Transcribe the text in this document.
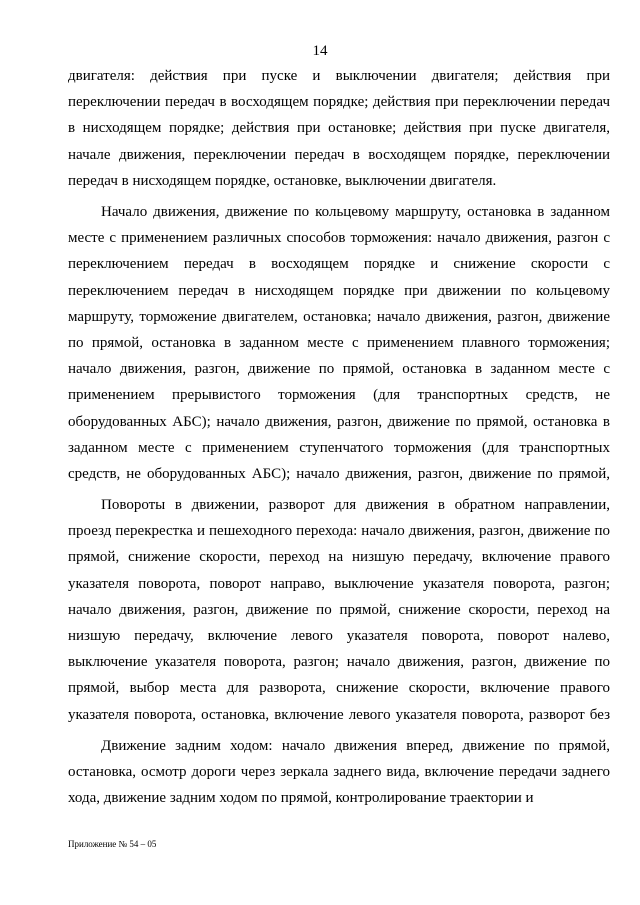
14

двигателя: действия при пуске и выключении двигателя; действия при переключении передач в восходящем порядке; действия при переключении передач в нисходящем порядке; действия при остановке; действия при пуске двигателя, начале движения, переключении передач в восходящем порядке, переключении передач в нисходящем порядке, остановке, выключении двигателя.

Начало движения, движение по кольцевому маршруту, остановка в заданном месте с применением различных способов торможения: начало движения, разгон с переключением передач в восходящем порядке и снижение скорости с переключением передач в нисходящем порядке при движении по кольцевому маршруту, торможение двигателем, остановка; начало движения, разгон, движение по прямой, остановка в заданном месте с применением плавного торможения; начало движения, разгон, движение по прямой, остановка в заданном месте с применением прерывистого торможения (для транспортных средств, не оборудованных АБС); начало движения, разгон, движение по прямой, остановка в заданном месте с применением ступенчатого торможения (для транспортных средств, не оборудованных АБС); начало движения, разгон, движение по прямой,

Повороты в движении, разворот для движения в обратном направлении, проезд перекрестка и пешеходного перехода: начало движения, разгон, движение по прямой, снижение скорости, переход на низшую передачу, включение правого указателя поворота, поворот направо, выключение указателя поворота, разгон; начало движения, разгон, движение по прямой, снижение скорости, переход на низшую передачу, включение левого указателя поворота, поворот налево, выключение указателя поворота, разгон; начало движения, разгон, движение по прямой, выбор места для разворота, снижение скорости, включение правого указателя поворота, остановка, включение левого указателя поворота, разворот без

Движение задним ходом: начало движения вперед, движение по прямой, остановка, осмотр дороги через зеркала заднего вида, включение передачи заднего хода, движение задним ходом по прямой, контролирование траектории и

Приложение № 54 – 05
